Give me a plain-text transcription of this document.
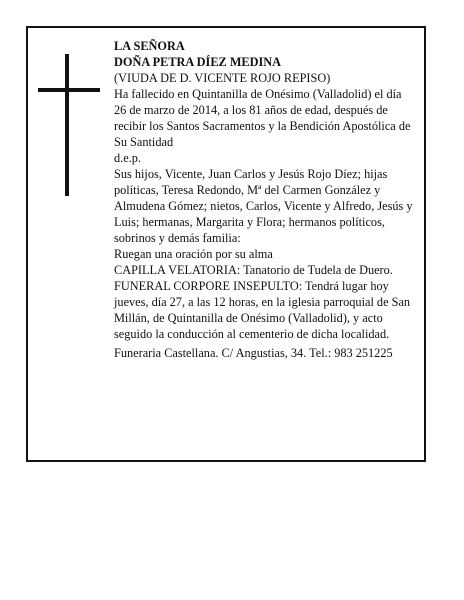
LA SEÑORA

DOÑA PETRA DÍEZ MEDINA

(VIUDA DE D. VICENTE ROJO REPISO)

Ha fallecido en Quintanilla de Onésimo (Valladolid) el día 26 de marzo de 2014, a los 81 años de edad, después de recibir los Santos Sacramentos y la Bendición Apostólica de Su Santidad

d.e.p.

Sus hijos, Vicente, Juan Carlos y Jesús Rojo Díez; hijas políticas, Teresa Redondo, Mª del Carmen González y Almudena Gómez; nietos, Carlos, Vicente y Alfredo, Jesús y Luis; hermanas, Margarita y Flora; hermanos políticos, sobrinos y demás familia:

Ruegan una oración por su alma

CAPILLA VELATORIA: Tanatorio de Tudela de Duero. FUNERAL CORPORE INSEPULTO: Tendrá lugar hoy jueves, día 27, a las 12 horas, en la iglesia parroquial de San Millán, de Quintanilla de Onésimo (Valladolid), y acto seguido la conducción al cementerio de dicha localidad.

Funeraria Castellana. C/ Angustias, 34. Tel.: 983 251225
